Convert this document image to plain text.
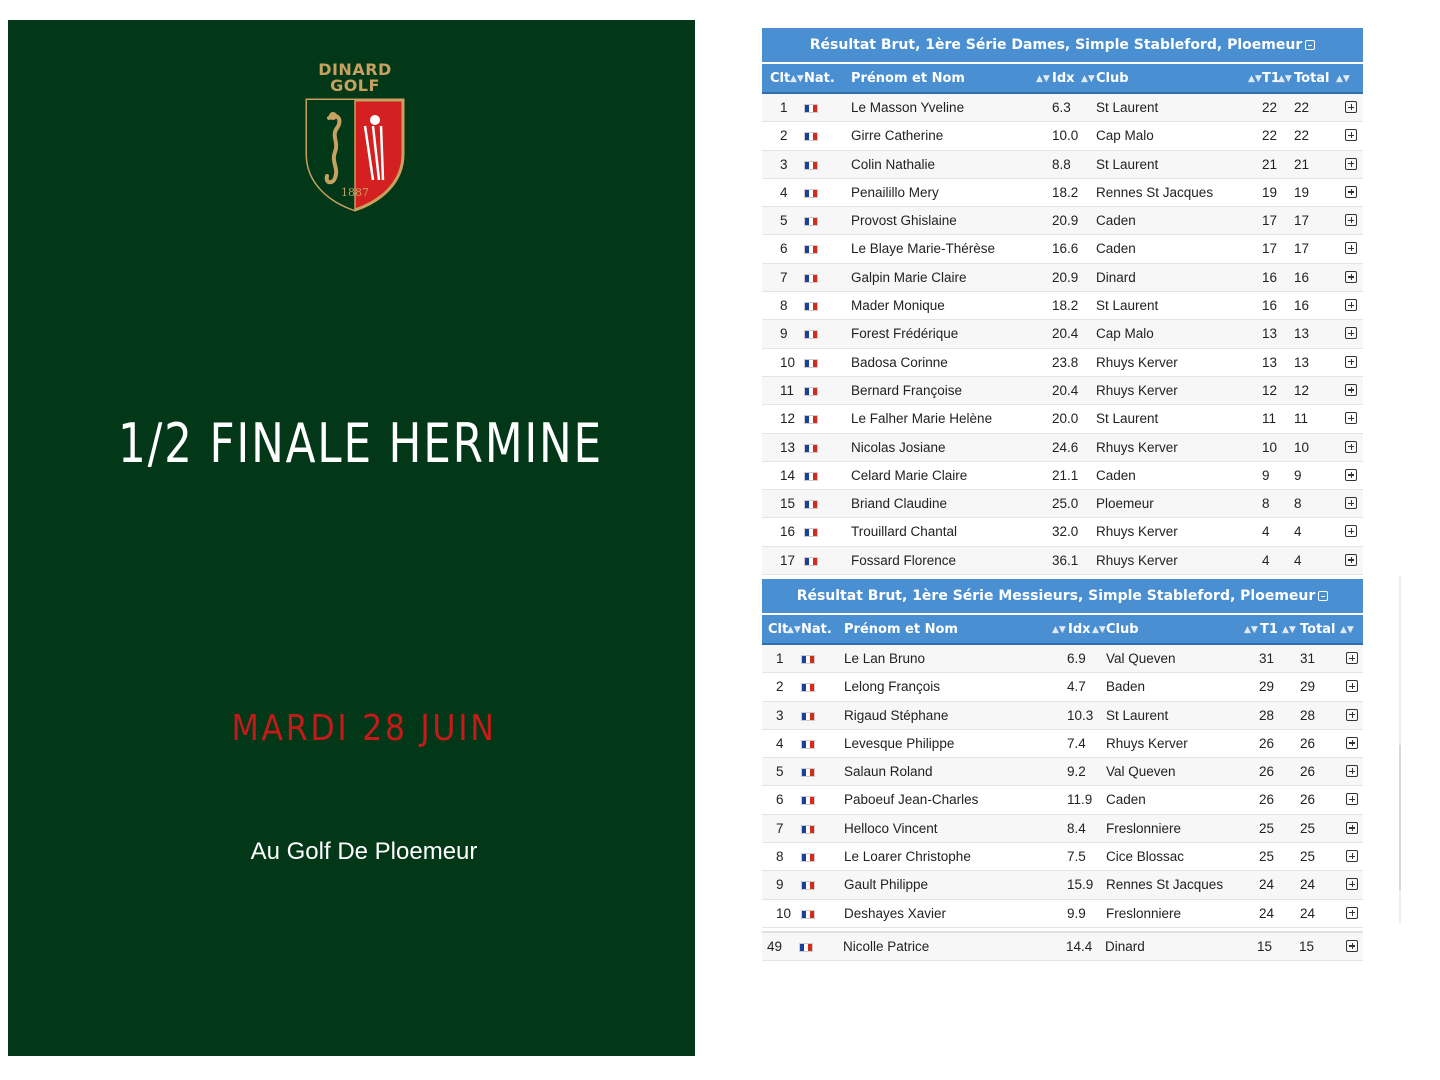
DINARD
GOLF
1887
1/2 FINALE HERMINE
MARDI 28 JUIN
Au Golf De Ploemeur
Résultat Brut, 1ère Série Dames, Simple Stableford, Ploemeur
Clt ▲▼ Nat. Prénom et Nom	▲▼ Idx ▲▼ Club	▲▼ T1
▲▼ Total ▲▼
1	Le Masson Yveline	6.3 St Laurent	22 22
2	Girre Catherine	10.0 Cap Malo	22 22
3	Colin Nathalie	8.8 St Laurent	21 21
4	Penailillo Mery	18.2 Rennes St Jacques	19 19
5	Provost Ghislaine	20.9 Caden	17 17
6	Le Blaye Marie-Thérèse	16.6 Caden	17 17
7	Galpin Marie Claire	20.9 Dinard	16 16
8	Mader Monique	18.2 St Laurent	16 16
9	Forest Frédérique	20.4 Cap Malo	13 13
10	Badosa Corinne	23.8 Rhuys Kerver	13 13
11	Bernard Françoise	20.4 Rhuys Kerver	12 12
12	Le Falher Marie Helène	20.0 St Laurent	11 11
13	Nicolas Josiane	24.6 Rhuys Kerver	10 10
14	Celard Marie Claire	21.1 Caden	9 9
15	Briand Claudine	25.0 Ploemeur	8 8
16	Trouillard Chantal	32.0 Rhuys Kerver	4 4
17	Fossard Florence	36.1 Rhuys Kerver	4 4
Résultat Brut, 1ère Série Messieurs, Simple Stableford, Ploemeur
Clt
▲▼ Nat. Prénom et Nom	▲▼ Idx ▲▼ Club	▲▼ T1 ▲▼ Total ▲▼
1	Le Lan Bruno	6.9 Val Queven	31 31
2	Lelong François	4.7 Baden	29 29
3	Rigaud Stéphane	10.3 St Laurent	28 28
4	Levesque Philippe	7.4 Rhuys Kerver	26 26
5	Salaun Roland	9.2 Val Queven	26 26
6	Paboeuf Jean-Charles	11.9 Caden	26 26
7	Helloco Vincent	8.4 Freslonniere	25 25
8	Le Loarer Christophe	7.5 Cice Blossac	25 25
9	Gault Philippe	15.9 Rennes St Jacques	24 24
10	Deshayes Xavier	9.9 Freslonniere	24 24
49	Nicolle Patrice	14.4 Dinard	15 15
